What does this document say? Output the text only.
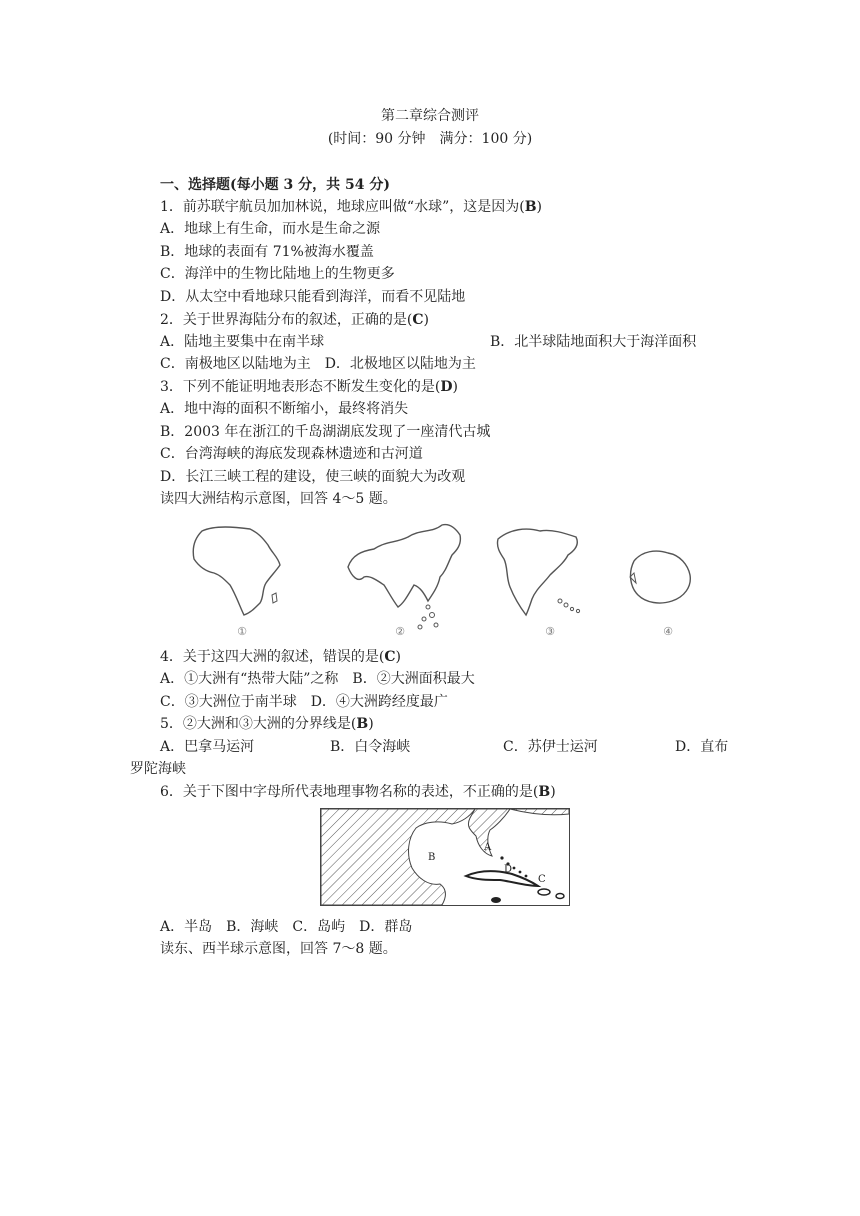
第二章综合测评
(时间：90 分钟　满分：100 分)
一、选择题(每小题 3 分，共 54 分)
1．前苏联宇航员加加林说，地球应叫做“水球”，这是因为(B)
A．地球上有生命，而水是生命之源
B．地球的表面有 71%被海水覆盖
C．海洋中的生物比陆地上的生物更多
D．从太空中看地球只能看到海洋，而看不见陆地
2．关于世界海陆分布的叙述，正确的是(C)
A．陆地主要集中在南半球	B．北半球陆地面积大于海洋面积
C．南极地区以陆地为主　D．北极地区以陆地为主
3．下列不能证明地表形态不断发生变化的是(D)
A．地中海的面积不断缩小，最终将消失
B．2003 年在浙江的千岛湖湖底发现了一座清代古城
C．台湾海峡的海底发现森林遗迹和古河道
D．长江三峡工程的建设，使三峡的面貌大为改观
读四大洲结构示意图，回答 4～5 题。
①	②	③	④
4．关于这四大洲的叙述，错误的是(C)
A．①大洲有“热带大陆”之称　B．②大洲面积最大
C．③大洲位于南半球　D．④大洲跨经度最广
5．②大洲和③大洲的分界线是(B)
A．巴拿马运河	B．白令海峡	C．苏伊士运河	D．直布
罗陀海峡
6．关于下图中字母所代表地理事物名称的表述，不正确的是(B)
A
B
C
D
A．半岛　B．海峡　C．岛屿　D．群岛
读东、西半球示意图，回答 7～8 题。
